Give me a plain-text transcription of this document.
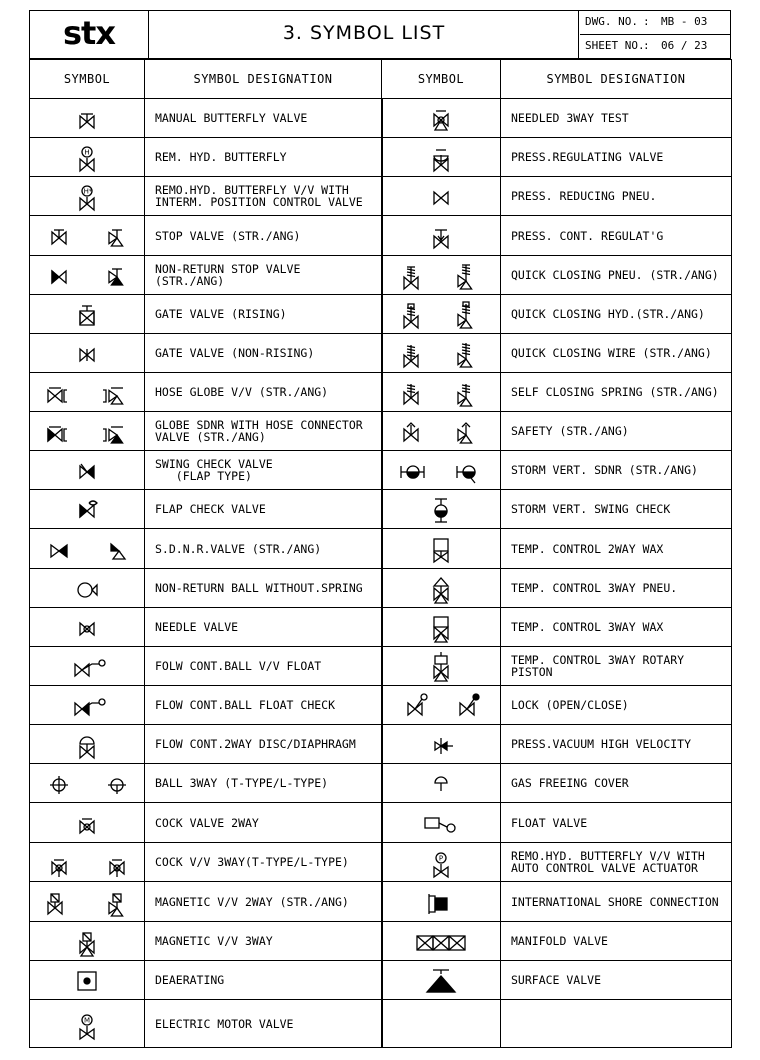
stx	3. SYMBOL LIST
DWG. NO. : MB - 03
SHEET NO.: 06 / 23
SYMBOL	SYMBOL DESIGNATION	SYMBOL	SYMBOL DESIGNATION

MANUAL BUTTERFLY VALVE		NEEDLED 3WAY TEST

H	REM. HYD. BUTTERFLY		PRESS.REGULATING VALVE

H*	REMO.HYD. BUTTERFLY V/V WITH
INTERM. POSITION CONTROL VALVE		PRESS. REDUCING PNEU.

STOP VALVE (STR./ANG)		PRESS. CONT. REGULAT'G

NON-RETURN STOP VALVE
(STR./ANG)		QUICK CLOSING PNEU. (STR./ANG)

GATE VALVE (RISING)		QUICK CLOSING HYD.(STR./ANG)

GATE VALVE (NON-RISING)		QUICK CLOSING WIRE (STR./ANG)

HOSE GLOBE V/V (STR./ANG)		SELF CLOSING SPRING (STR./ANG)

GLOBE SDNR WITH HOSE CONNECTOR
VALVE (STR./ANG)		SAFETY (STR./ANG)

SWING CHECK VALVE
(FLAP TYPE)		STORM VERT. SDNR (STR./ANG)

FLAP CHECK VALVE		STORM VERT. SWING CHECK

S.D.N.R.VALVE (STR./ANG)		TEMP. CONTROL 2WAY WAX

NON-RETURN BALL WITHOUT.SPRING		TEMP. CONTROL 3WAY PNEU.

NEEDLE VALVE		TEMP. CONTROL 3WAY WAX

FOLW CONT.BALL V/V FLOAT		TEMP. CONTROL 3WAY ROTARY
PISTON

FLOW CONT.BALL FLOAT CHECK		LOCK (OPEN/CLOSE)

FLOW CONT.2WAY DISC/DIAPHRAGM		PRESS.VACUUM HIGH VELOCITY

BALL 3WAY (T-TYPE/L-TYPE)		GAS FREEING COVER

COCK VALVE 2WAY		FLOAT VALVE

COCK V/V 3WAY(T-TYPE/L-TYPE)	P	REMO.HYD. BUTTERFLY V/V WITH
AUTO CONTROL VALVE ACTUATOR

MAGNETIC V/V 2WAY (STR./ANG)		INTERNATIONAL SHORE CONNECTION

MAGNETIC V/V 3WAY		MANIFOLD VALVE

DEAERATING		SURFACE VALVE

M	ELECTRIC MOTOR VALVE		
